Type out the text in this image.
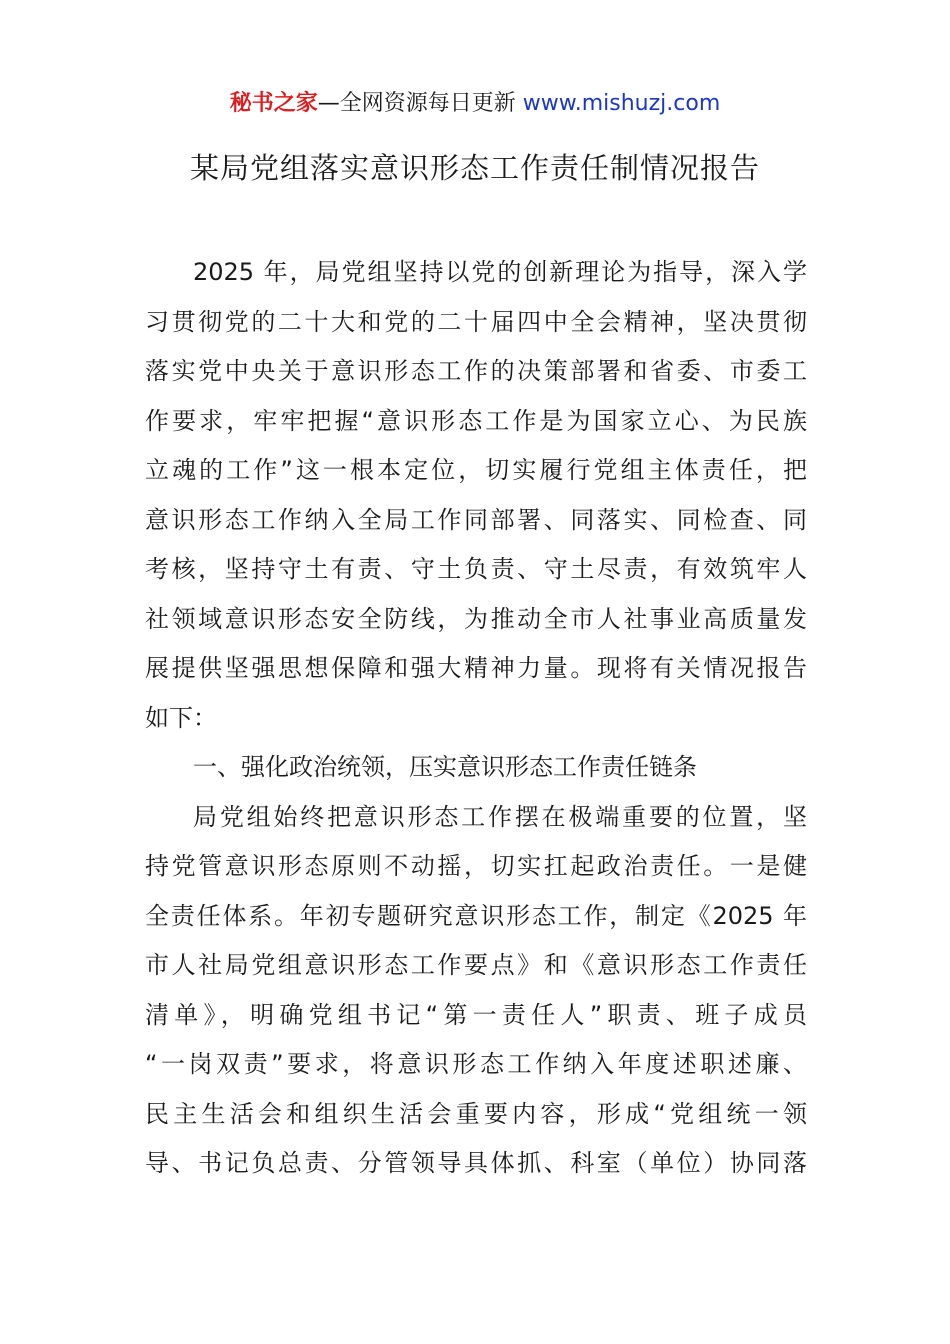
秘书之家—全网资源每日更新 www.mishuzj.com
某局党组落实意识形态工作责任制情况报告
2025 年，局党组坚持以党的创新理论为指导，深入学
习贯彻党的二十大和党的二十届四中全会精神，坚决贯彻
落实党中央关于意识形态工作的决策部署和省委、市委工
作要求，牢牢把握“意识形态工作是为国家立心、为民族
立魂的工作”这一根本定位，切实履行党组主体责任，把
意识形态工作纳入全局工作同部署、同落实、同检查、同
考核，坚持守土有责、守土负责、守土尽责，有效筑牢人
社领域意识形态安全防线，为推动全市人社事业高质量发
展提供坚强思想保障和强大精神力量。现将有关情况报告
如下：
一、强化政治统领，压实意识形态工作责任链条
局党组始终把意识形态工作摆在极端重要的位置，坚
持党管意识形态原则不动摇，切实扛起政治责任。一是健
全责任体系。年初专题研究意识形态工作，制定《2025 年
市人社局党组意识形态工作要点》和《意识形态工作责任
清单》，明确党组书记“第一责任人”职责、班子成员
“一岗双责”要求，将意识形态工作纳入年度述职述廉、
民主生活会和组织生活会重要内容，形成“党组统一领
导、书记负总责、分管领导具体抓、科室（单位）协同落
